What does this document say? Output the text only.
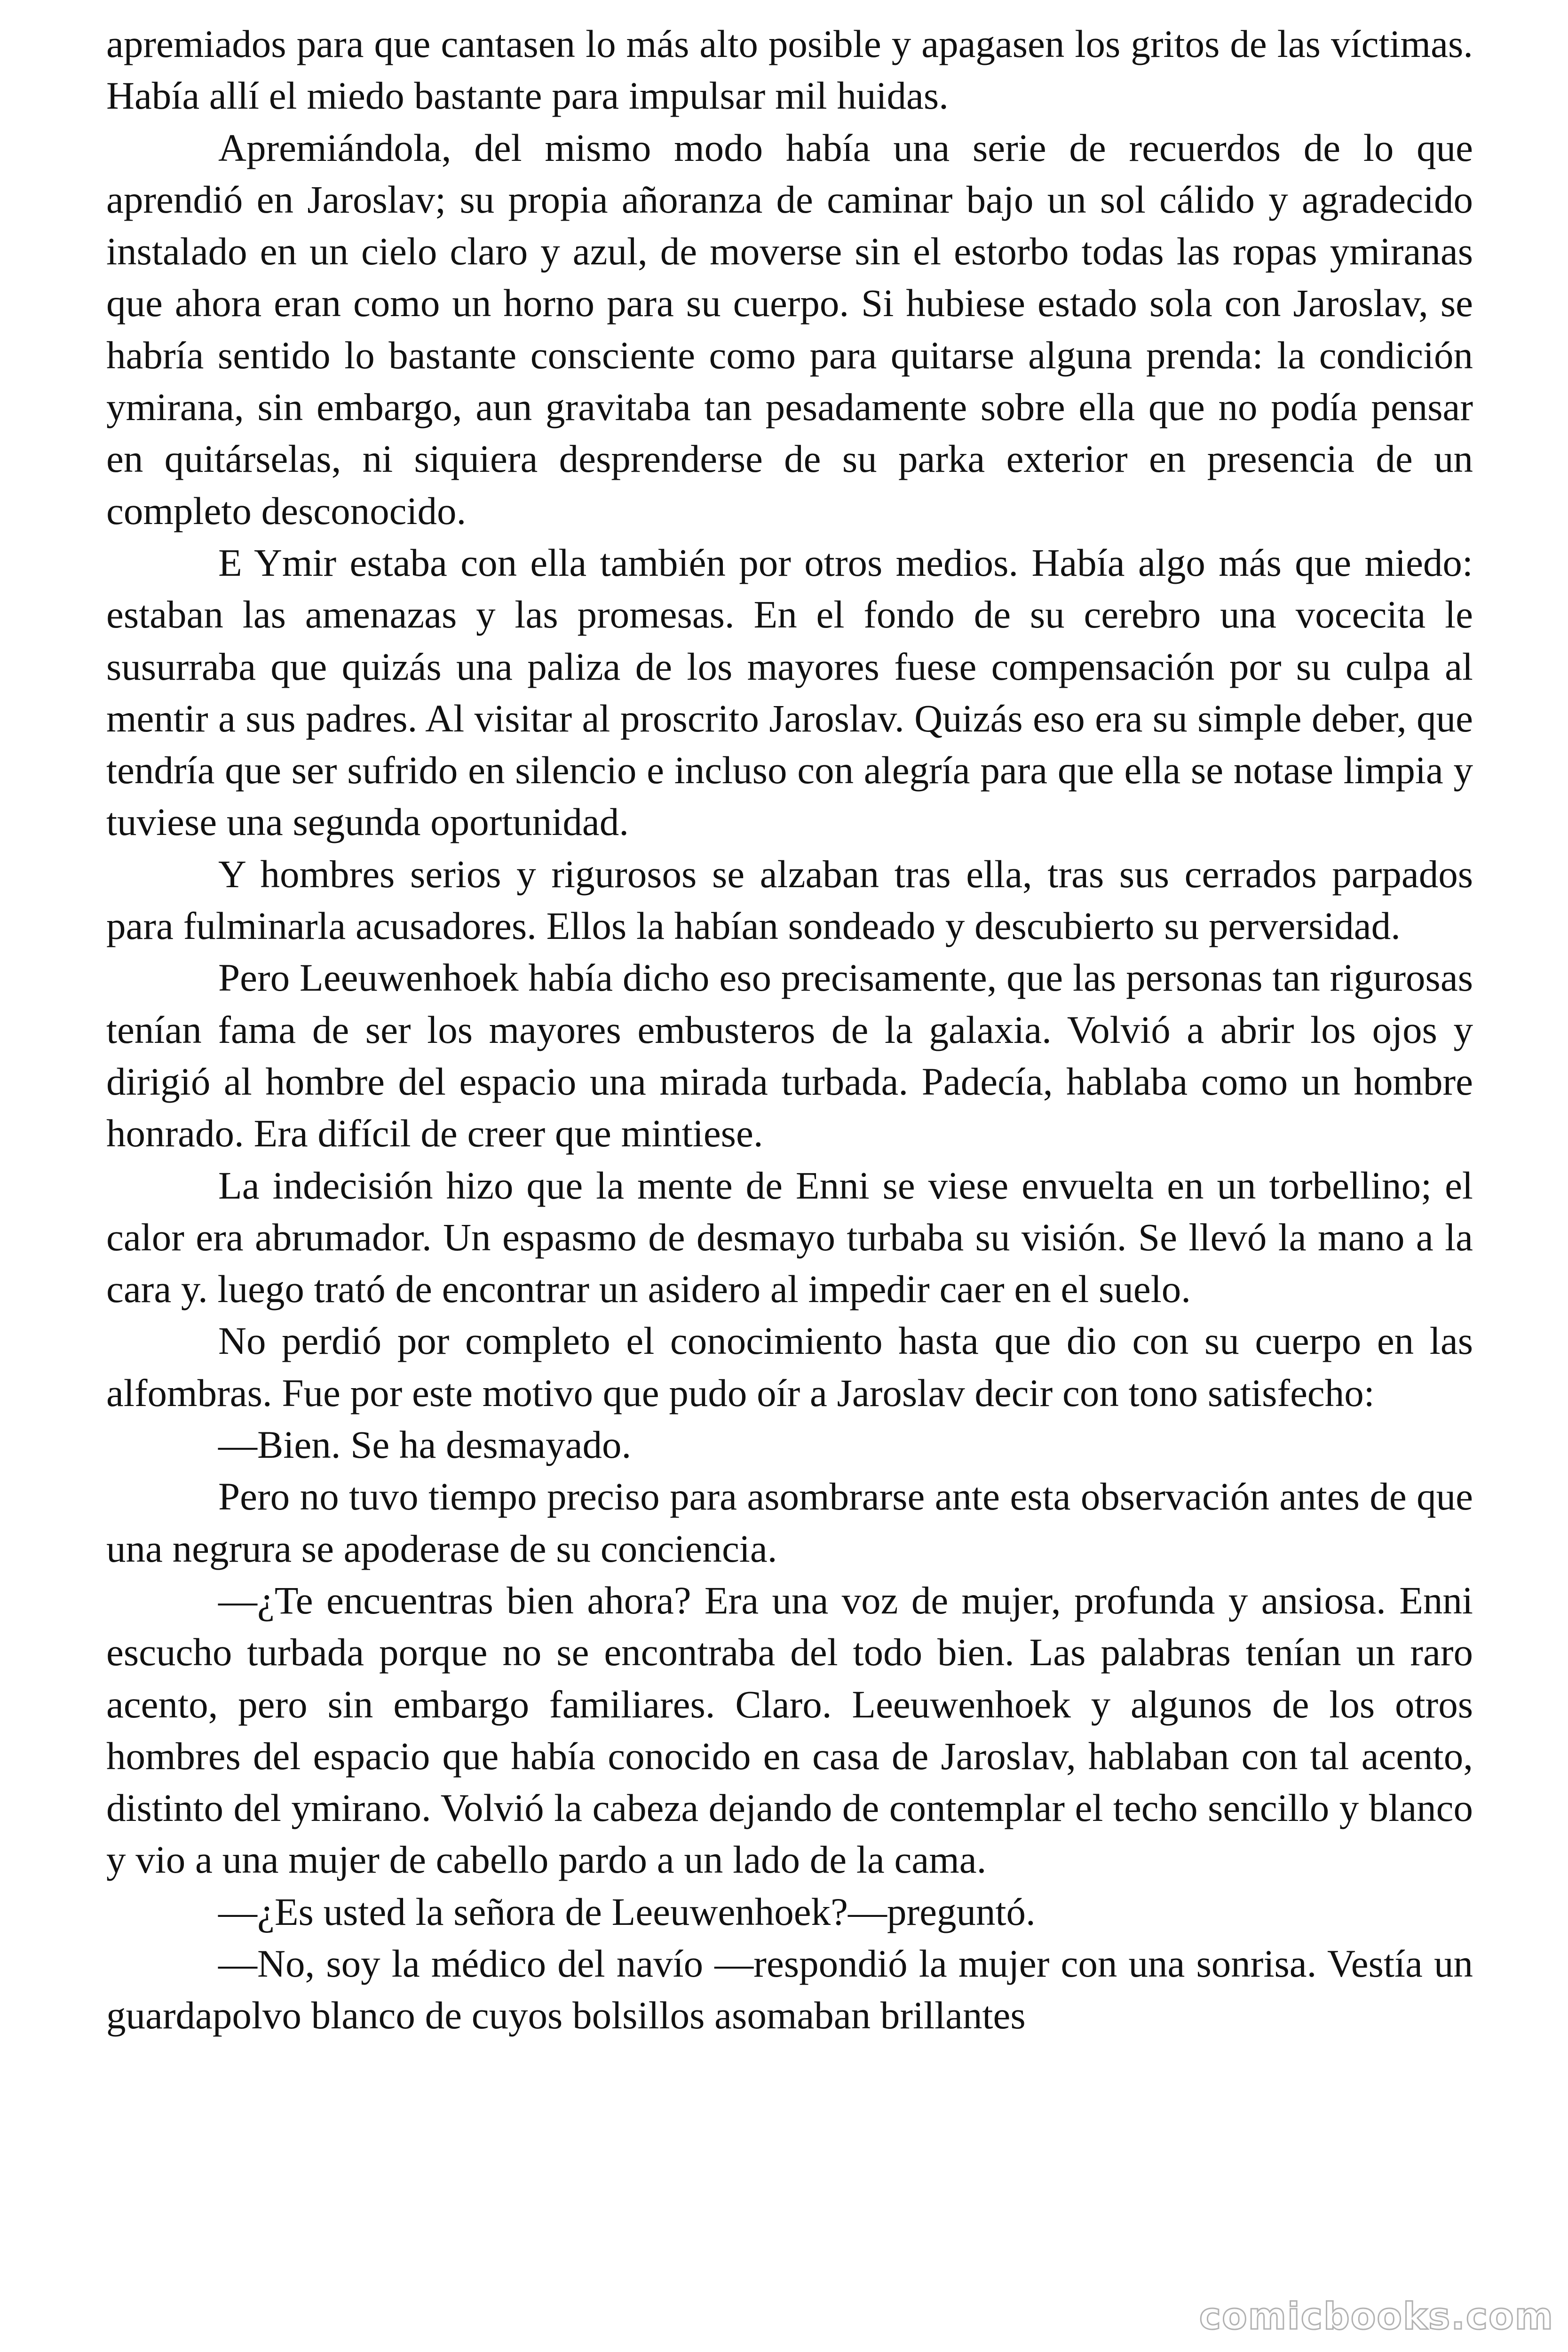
apremiados para que cantasen lo más alto posible y apagasen los gritos de las víctimas. Había allí el miedo bastante para impulsar mil huidas.

Apremiándola, del mismo modo había una serie de recuerdos de lo que aprendió en Jaroslav; su propia añoranza de caminar bajo un sol cálido y agradecido instalado en un cielo claro y azul, de moverse sin el estorbo todas las ropas ymiranas que ahora eran como un horno para su cuerpo. Si hubiese estado sola con Jaroslav, se habría sentido lo bastante consciente como para quitarse alguna prenda: la condición ymirana, sin embargo, aun gravitaba tan pesadamente sobre ella que no podía pensar en quitárselas, ni siquiera desprenderse de su parka exterior en presencia de un completo desconocido.

E Ymir estaba con ella también por otros medios. Había algo más que miedo: estaban las amenazas y las promesas. En el fondo de su cerebro una vocecita le susurraba que quizás una paliza de los mayores fuese compensación por su culpa al mentir a sus padres. Al visitar al proscrito Jaroslav. Quizás eso era su simple deber, que tendría que ser sufrido en silencio e incluso con alegría para que ella se notase limpia y tuviese una segunda oportunidad.

Y hombres serios y rigurosos se alzaban tras ella, tras sus cerrados parpados para fulminarla acusadores. Ellos la habían sondeado y descubierto su perversidad.

Pero Leeuwenhoek había dicho eso precisamente, que las personas tan rigurosas tenían fama de ser los mayores embusteros de la galaxia. Volvió a abrir los ojos y dirigió al hombre del espacio una mirada turbada. Padecía, hablaba como un hombre honrado. Era difícil de creer que mintiese.

La indecisión hizo que la mente de Enni se viese envuelta en un torbellino; el calor era abrumador. Un espasmo de desmayo turbaba su visión. Se llevó la mano a la cara y. luego trató de encontrar un asidero al impedir caer en el suelo.

No perdió por completo el conocimiento hasta que dio con su cuerpo en las alfombras. Fue por este motivo que pudo oír a Jaroslav decir con tono satisfecho:

—Bien. Se ha desmayado.

Pero no tuvo tiempo preciso para asombrarse ante esta observación antes de que una negrura se apoderase de su conciencia.

—¿Te encuentras bien ahora? Era una voz de mujer, profunda y ansiosa. Enni escucho turbada porque no se encontraba del todo bien. Las palabras tenían un raro acento, pero sin embargo familiares. Claro. Leeuwenhoek y algunos de los otros hombres del espacio que había conocido en casa de Jaroslav, hablaban con tal acento, distinto del ymirano. Volvió la cabeza dejando de contemplar el techo sencillo y blanco y vio a una mujer de cabello pardo a un lado de la cama.

—¿Es usted la señora de Leeuwenhoek?—preguntó.

—No, soy la médico del navío —respondió la mujer con una sonrisa. Vestía un guardapolvo blanco de cuyos bolsillos asomaban brillantes

comicbooks.com
